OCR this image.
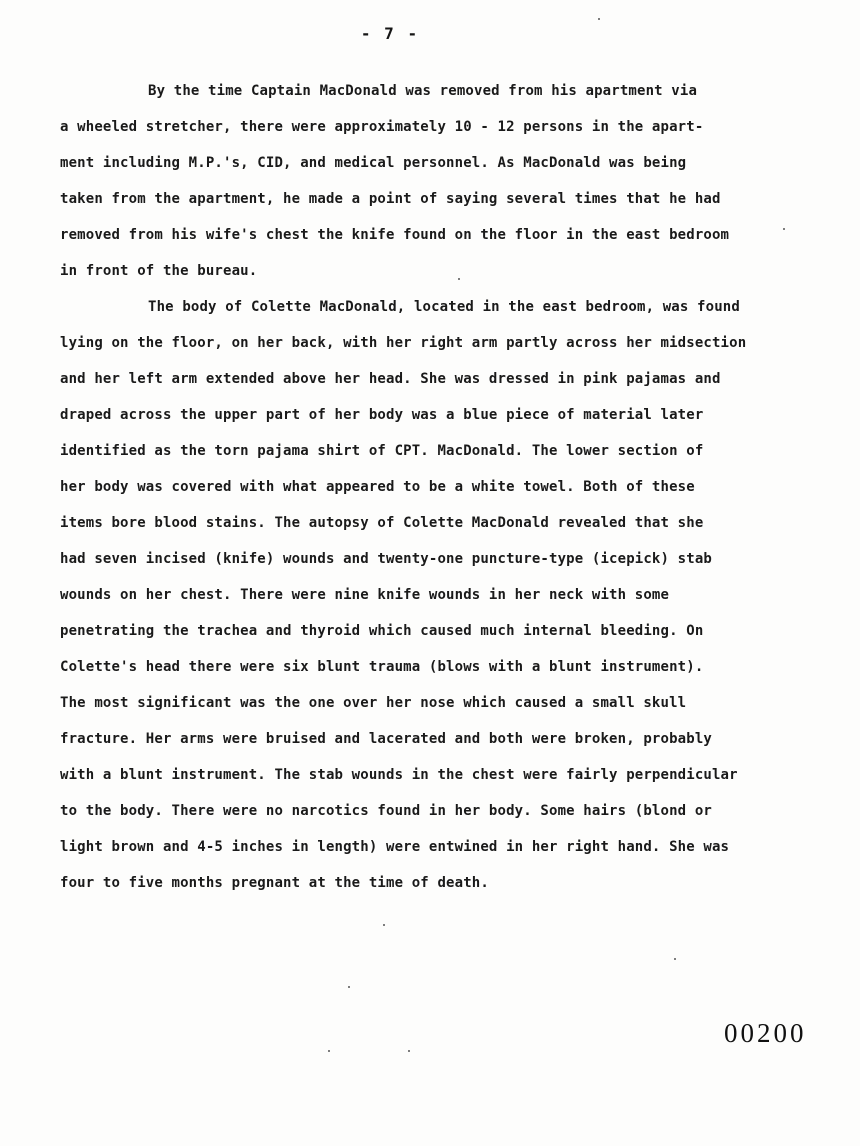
- 7 -
By the time Captain MacDonald was removed from his apartment via
a wheeled stretcher, there were approximately 10 - 12 persons in the apart-
ment including M.P.'s, CID, and medical personnel. As MacDonald was being
taken from the apartment, he made a point of saying several times that he had
removed from his wife's chest the knife found on the floor in the east bedroom
in front of the bureau.
The body of Colette MacDonald, located in the east bedroom, was found
lying on the floor, on her back, with her right arm partly across her midsection
and her left arm extended above her head. She was dressed in pink pajamas and
draped across the upper part of her body was a blue piece of material later
identified as the torn pajama shirt of CPT. MacDonald. The lower section of
her body was covered with what appeared to be a white towel. Both of these
items bore blood stains. The autopsy of Colette MacDonald revealed that she
had seven incised (knife) wounds and twenty-one puncture-type (icepick) stab
wounds on her chest. There were nine knife wounds in her neck with some
penetrating the trachea and thyroid which caused much internal bleeding. On
Colette's head there were six blunt trauma (blows with a blunt instrument).
The most significant was the one over her nose which caused a small skull
fracture. Her arms were bruised and lacerated and both were broken, probably
with a blunt instrument. The stab wounds in the chest were fairly perpendicular
to the body. There were no narcotics found in her body. Some hairs (blond or
light brown and 4-5 inches in length) were entwined in her right hand. She was
four to five months pregnant at the time of death.
00200
